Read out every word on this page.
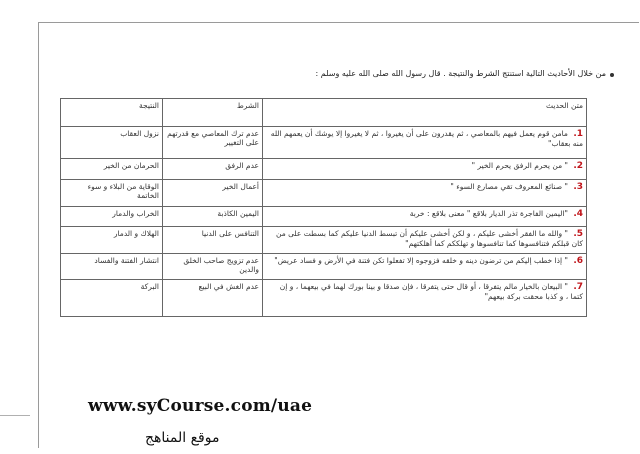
من خلال الأحاديث التالية استنتج الشرط والنتيجة . قال رسول الله صلى الله عليه وسلم :
متن الحديث	الشرط	النتيجة
1. مامن قوم يعمل فيهم بالمعاصي ، ثم يقدرون على أن يغيروا ، ثم لا يغيروا إلا يوشك أن يعمهم الله منه بعقاب"	عدم ترك المعاصي مع قدرتهم على التغيير	نزول العقاب
2. " من يحرم الرفق يحرم الخير "	عدم الرفق	الحرمان من الخير
3. " صنائع المعروف تقي مصارع السوء "	أعمال الخير	الوقاية من البلاء و سوء الخاتمة
4. "اليمين الفاجرة تذر الديار بلاقع " معنى بلاقع : خربة	اليمين الكاذبة	الخراب والدمار
5. " والله ما الفقر أخشى عليكم ، و لكن أخشى عليكم أن تبسط الدنيا عليكم كما بسطت على من كان قبلكم فتنافسوها كما تنافسوها و تهلككم كما أهلكتهم"	التنافس على الدنيا	الهلاك و الدمار
6. " إذا خطب إليكم من ترضون دينه و خلقه فزوجوه إلا تفعلوا تكن فتنة في الأرض و فساد عريض"	عدم تزويج صاحب الخلق والدين	انتشار الفتنة والفساد
7. " البيعان بالخيار مالم يتفرقا ، أو قال حتى يتفرقا ، فإن صدقا و بينا بورك لهما في بيعهما ، و إن كتما ، و كذبا محقت بركة بيعهم"	عدم الغش في البيع	البركة
www.syCourse.com/uae
موقع المناهج
